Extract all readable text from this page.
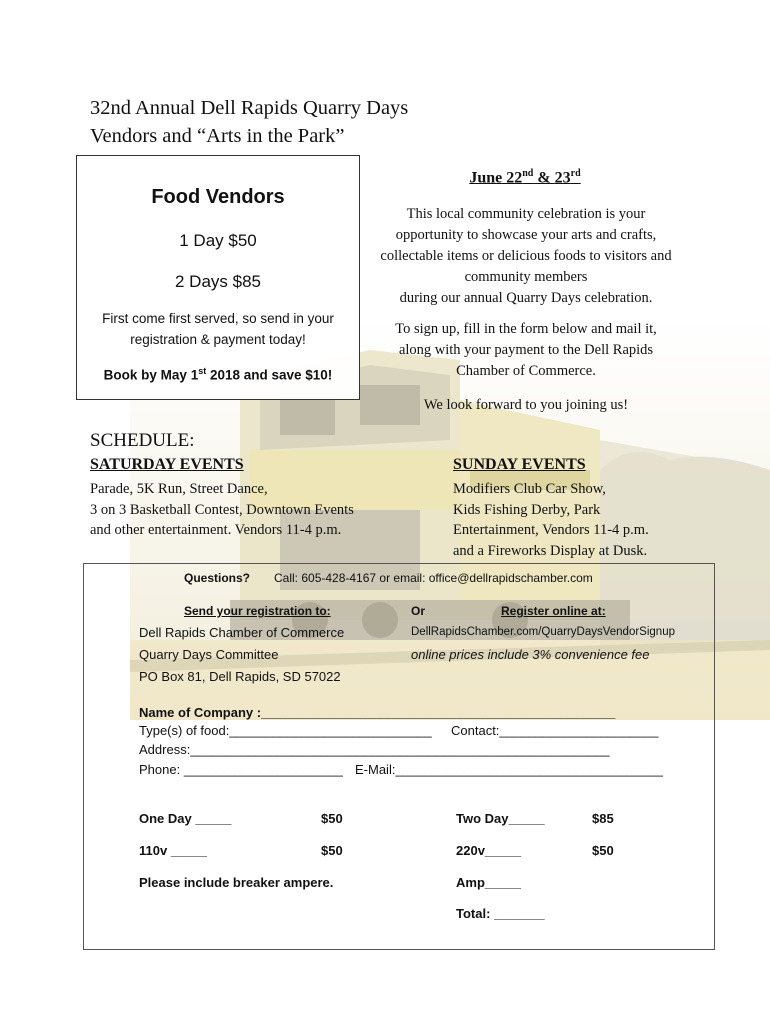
32nd Annual Dell Rapids Quarry Days
Vendors and “Arts in the Park”
Food Vendors
1 Day $50
2 Days $85
First come first served, so send in your
registration & payment today!
Book by May 1st 2018 and save $10!
June 22nd & 23rd
This local community celebration is your
opportunity to showcase your arts and crafts,
collectable items or delicious foods to visitors and
community members
during our annual Quarry Days celebration.
To sign up, fill in the form below and mail it,
along with your payment to the Dell Rapids
Chamber of Commerce.
We look forward to you joining us!
SCHEDULE:
SATURDAY EVENTS
Parade, 5K Run, Street Dance,
3 on 3 Basketball Contest, Downtown Events
and other entertainment. Vendors 11-4 p.m.
SUNDAY EVENTS
Modifiers Club Car Show,
Kids Fishing Derby, Park
Entertainment, Vendors 11-4 p.m.
and a Fireworks Display at Dusk.
Questions? Call: 605-428-4167 or email: office@dellrapidschamber.com
Send your registration to:	Or	Register online at:
Dell Rapids Chamber of Commerce
Quarry Days Committee
PO Box 81, Dell Rapids, SD 57022
DellRapidsChamber.com/QuarryDaysVendorSignup
online prices include 3% convenience fee
Name of Company :_________________________________________________
Type(s) of food:____________________________ Contact:______________________
Address:__________________________________________________________
Phone: ______________________ E-Mail:_____________________________________
One Day _____	$50	Two Day_____	$85
110v _____	$50	220v_____	$50
Please include breaker ampere.	Amp_____
Total: _______
